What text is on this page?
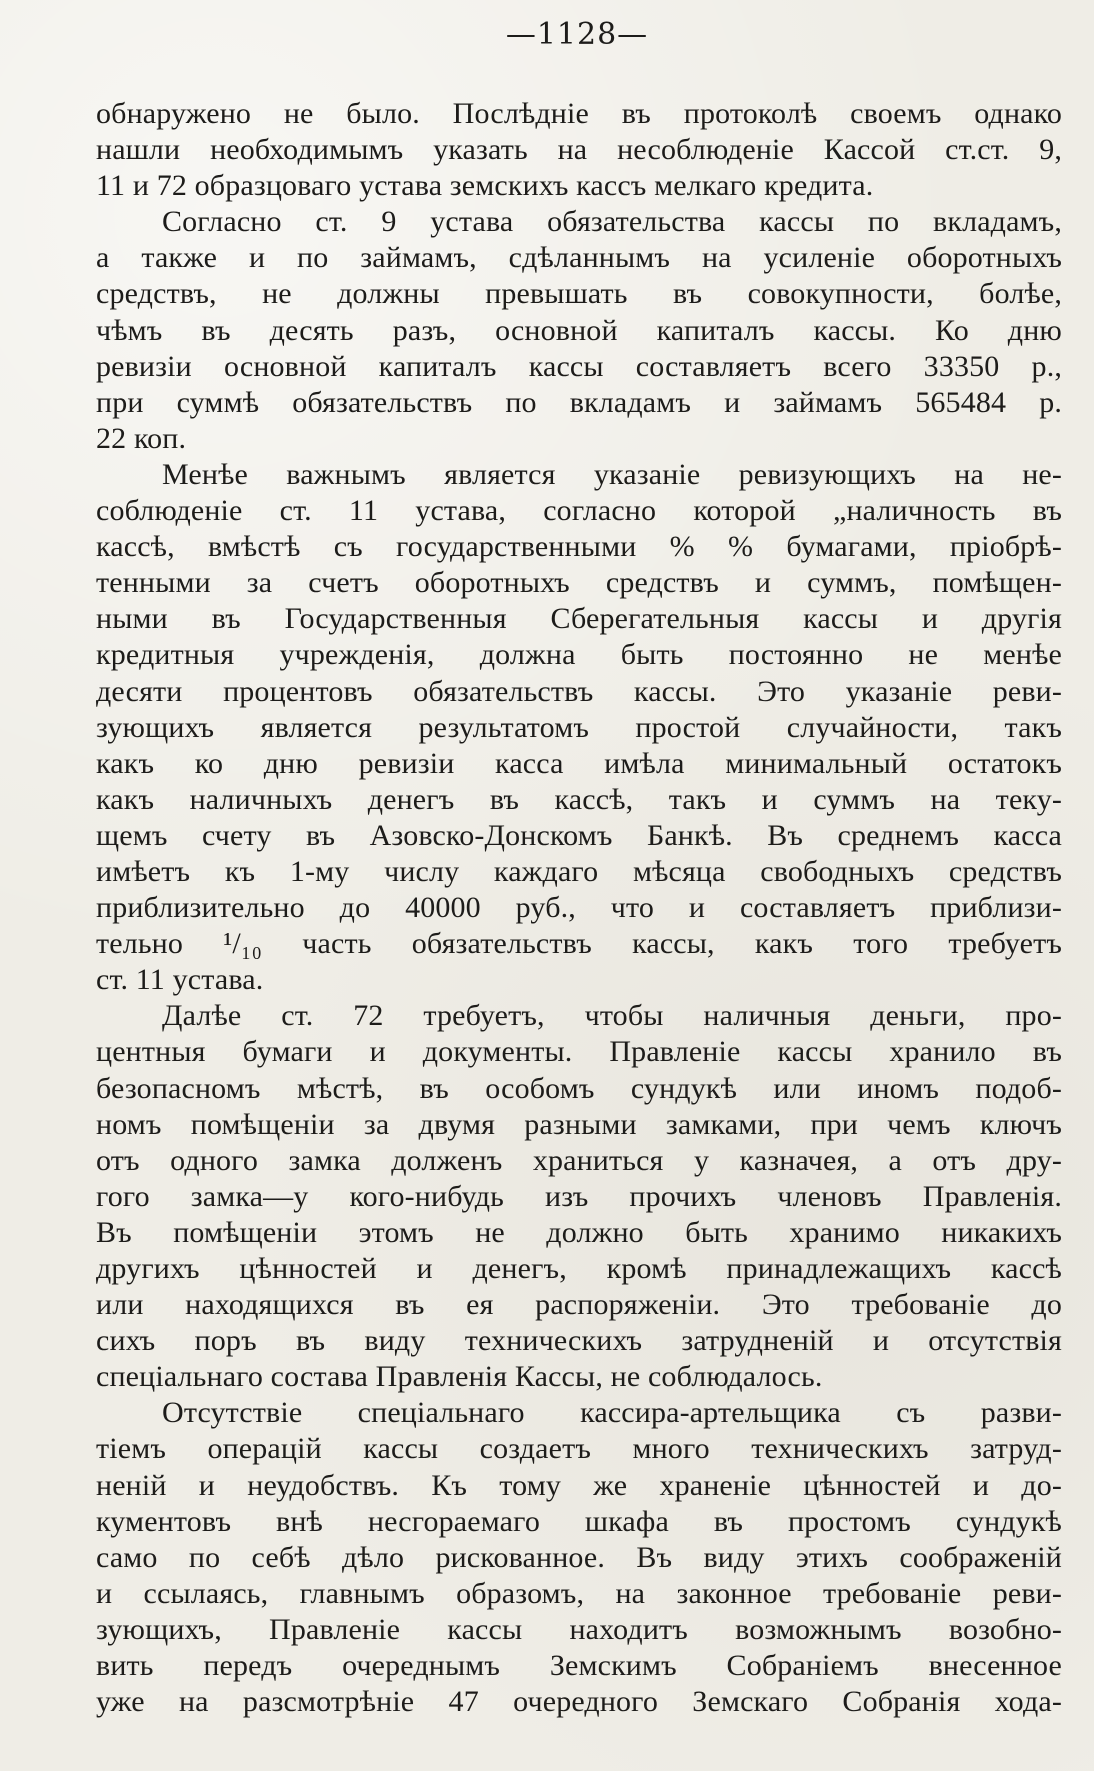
—1128—
обнаружено не было. Послѣдніе въ протоколѣ своемъ однако
нашли необходимымъ указать на несоблюденіе Кассой ст.ст. 9,
11 и 72 образцоваго устава земскихъ кассъ мелкаго кредита.
Согласно ст. 9 устава обязательства кассы по вкладамъ,
а также и по займамъ, сдѣланнымъ на усиленіе оборотныхъ
средствъ, не должны превышать въ совокупности, болѣе,
чѣмъ въ десять разъ, основной капиталъ кассы. Ко дню
ревизіи основной капиталъ кассы составляетъ всего 33350 р.,
при суммѣ обязательствъ по вкладамъ и займамъ 565484 р.
22 коп.
Менѣе важнымъ является указаніе ревизующихъ на не-
соблюденіе ст. 11 устава, согласно которой „наличность въ
кассѣ, вмѣстѣ съ государственными % % бумагами, пріобрѣ-
тенными за счетъ оборотныхъ средствъ и суммъ, помѣщен-
ными въ Государственныя Сберегательныя кассы и другія
кредитныя учрежденія, должна быть постоянно не менѣе
десяти процентовъ обязательствъ кассы. Это указаніе реви-
зующихъ является результатомъ простой случайности, такъ
какъ ко дню ревизіи касса имѣла минимальный остатокъ
какъ наличныхъ денегъ въ кассѣ, такъ и суммъ на теку-
щемъ счету въ Азовско-Донскомъ Банкѣ. Въ среднемъ касса
имѣетъ къ 1-му числу каждаго мѣсяца свободныхъ средствъ
приблизительно до 40000 руб., что и составляетъ приблизи-
тельно ¹/₁₀ часть обязательствъ кассы, какъ того требуетъ
ст. 11 устава.
Далѣе ст. 72 требуетъ, чтобы наличныя деньги, про-
центныя бумаги и документы. Правленіе кассы хранило въ
безопасномъ мѣстѣ, въ особомъ сундукѣ или иномъ подоб-
номъ помѣщеніи за двумя разными замками, при чемъ ключъ
отъ одного замка долженъ храниться у казначея, а отъ дру-
гого замка—у кого-нибудь изъ прочихъ членовъ Правленія.
Въ помѣщеніи этомъ не должно быть хранимо никакихъ
другихъ цѣнностей и денегъ, кромѣ принадлежащихъ кассѣ
или находящихся въ ея распоряженіи. Это требованіе до
сихъ поръ въ виду техническихъ затрудненій и отсутствія
спеціальнаго состава Правленія Кассы, не соблюдалось.
Отсутствіе спеціальнаго кассира-артельщика съ разви-
тіемъ операцій кассы создаетъ много техническихъ затруд-
неній и неудобствъ. Къ тому же храненіе цѣнностей и до-
кументовъ внѣ несгораемаго шкафа въ простомъ сундукѣ
само по себѣ дѣло рискованное. Въ виду этихъ соображеній
и ссылаясь, главнымъ образомъ, на законное требованіе реви-
зующихъ, Правленіе кассы находитъ возможнымъ возобно-
вить передъ очереднымъ Земскимъ Собраніемъ внесенное
уже на разсмотрѣніе 47 очередного Земскаго Собранія хода-
